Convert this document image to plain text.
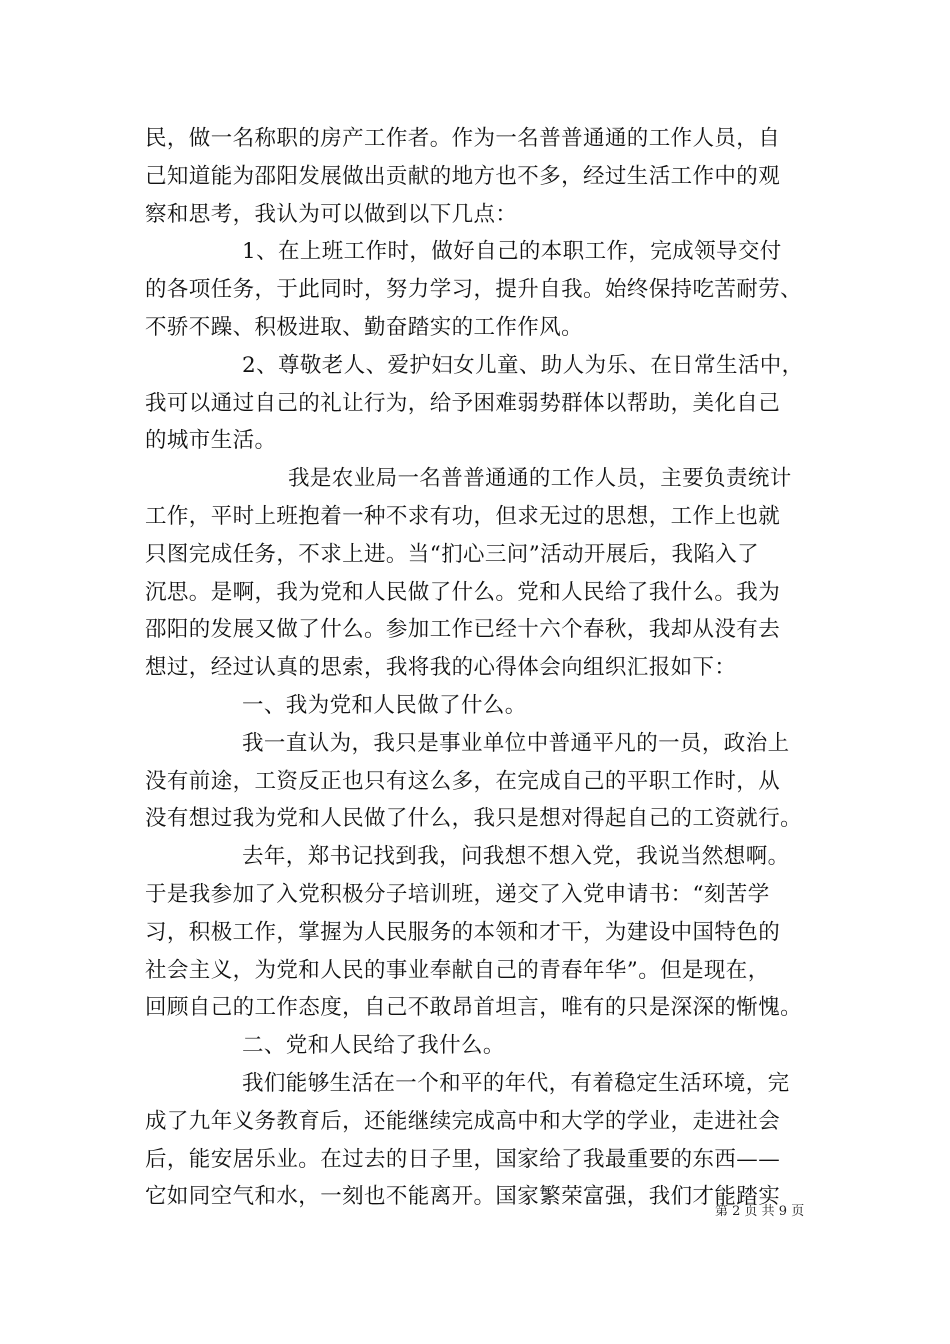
民，做一名称职的房产工作者。作为一名普普通通的工作人员，自
己知道能为邵阳发展做出贡献的地方也不多，经过生活工作中的观
察和思考，我认为可以做到以下几点：
1、在上班工作时，做好自己的本职工作，完成领导交付
的各项任务，于此同时，努力学习，提升自我。始终保持吃苦耐劳、
不骄不躁、积极进取、勤奋踏实的工作作风。
2、尊敬老人、爱护妇女儿童、助人为乐、在日常生活中，
我可以通过自己的礼让行为，给予困难弱势群体以帮助，美化自己
的城市生活。
我是农业局一名普普通通的工作人员，主要负责统计
工作，平时上班抱着一种不求有功，但求无过的思想，工作上也就
只图完成任务，不求上进。当“扪心三问”活动开展后，我陷入了
沉思。是啊，我为党和人民做了什么。党和人民给了我什么。我为
邵阳的发展又做了什么。参加工作已经十六个春秋，我却从没有去
想过，经过认真的思索，我将我的心得体会向组织汇报如下：
一、我为党和人民做了什么。
我一直认为，我只是事业单位中普通平凡的一员，政治上
没有前途，工资反正也只有这么多，在完成自己的平职工作时，从
没有想过我为党和人民做了什么，我只是想对得起自己的工资就行。
去年，郑书记找到我，问我想不想入党，我说当然想啊。
于是我参加了入党积极分子培训班，递交了入党申请书：“刻苦学
习，积极工作，掌握为人民服务的本领和才干，为建设中国特色的
社会主义，为党和人民的事业奉献自己的青春年华”。但是现在，
回顾自己的工作态度，自己不敢昂首坦言，唯有的只是深深的惭愧。
二、党和人民给了我什么。
我们能够生活在一个和平的年代，有着稳定生活环境，完
成了九年义务教育后，还能继续完成高中和大学的学业，走进社会
后，能安居乐业。在过去的日子里，国家给了我最重要的东西——
它如同空气和水，一刻也不能离开。国家繁荣富强，我们才能踏实
第 2 页 共 9 页
